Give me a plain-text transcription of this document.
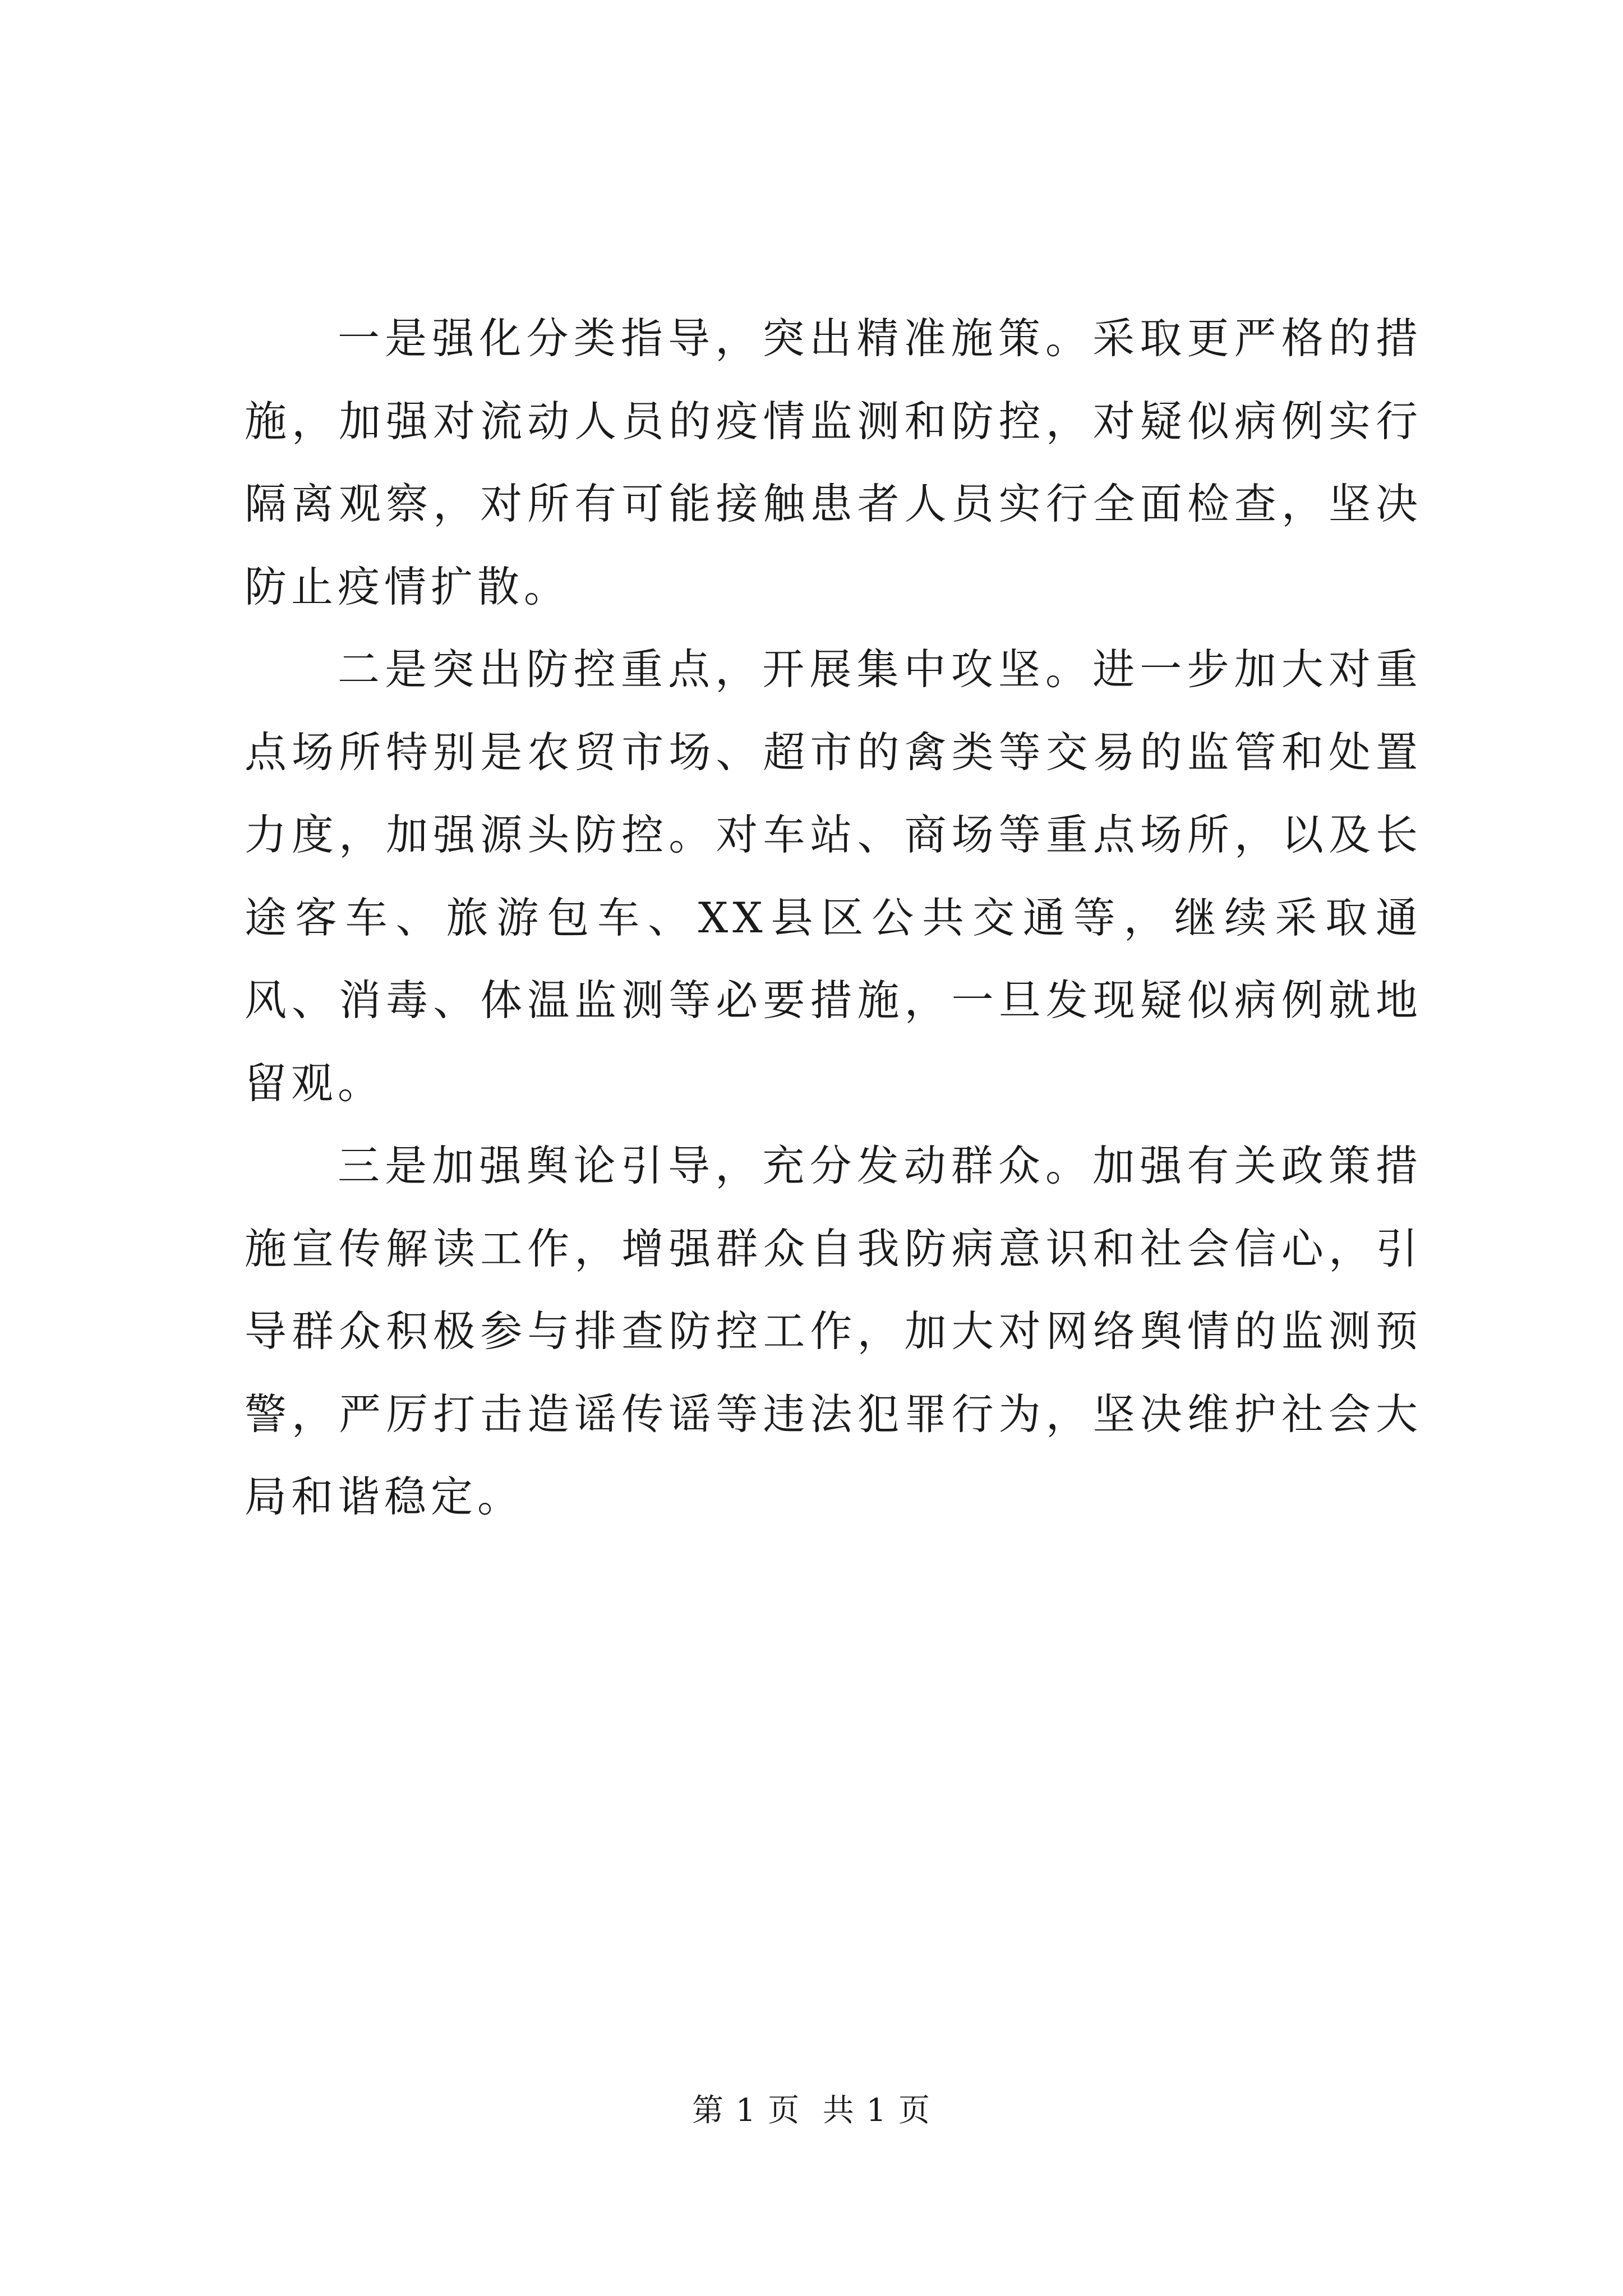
一是强化分类指导，突出精准施策。采取更严格的措施，加强对流动人员的疫情监测和防控，对疑似病例实行隔离观察，对所有可能接触患者人员实行全面检查，坚决防止疫情扩散。

二是突出防控重点，开展集中攻坚。进一步加大对重点场所特别是农贸市场、超市的禽类等交易的监管和处置力度，加强源头防控。对车站、商场等重点场所，以及长途客车、旅游包车、XX县区公共交通等，继续采取通风、消毒、体温监测等必要措施，一旦发现疑似病例就地留观。

三是加强舆论引导，充分发动群众。加强有关政策措施宣传解读工作，增强群众自我防病意识和社会信心，引导群众积极参与排查防控工作，加大对网络舆情的监测预警，严厉打击造谣传谣等违法犯罪行为，坚决维护社会大局和谐稳定。

第 1 页  共 1 页
